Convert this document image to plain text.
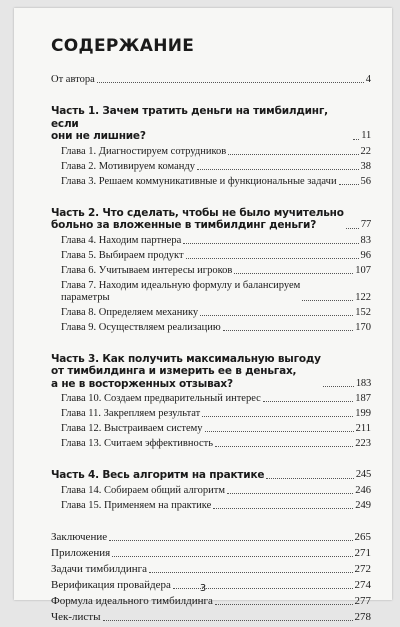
СОДЕРЖАНИЕ
От автора	4
Часть 1. Зачем тратить деньги на тимбилдинг, если
они не лишние?	11
Глава 1. Диагностируем сотрудников	22
Глава 2. Мотивируем команду	38
Глава 3. Решаем коммуникативные и функциональные задачи 56
Часть 2. Что сделать, чтобы не было мучительно
больно за вложенные в тимбилдинг деньги?	77
Глава 4. Находим партнера	83
Глава 5. Выбираем продукт	96
Глава 6. Учитываем интересы игроков	107
Глава 7. Находим идеальную формулу и балансируем
параметры	122
Глава 8. Определяем механику	152
Глава 9. Осуществляем реализацию	170
Часть 3. Как получить максимальную выгоду
от тимбилдинга и измерить ее в деньгах,
а не в восторженных отзывах?	183
Глава 10. Создаем предварительный интерес	187
Глава 11. Закрепляем результат	199
Глава 12. Выстраиваем систему	211
Глава 13. Считаем эффективность	223
Часть 4. Весь алгоритм на практике	245
Глава 14. Собираем общий алгоритм	246
Глава 15. Применяем на практике	249
Заключение	265
Приложения	271
Задачи тимбилдинга	272
Верификация провайдера	274
Формула идеального тимбилдинга	277
Чек-листы	278
3
